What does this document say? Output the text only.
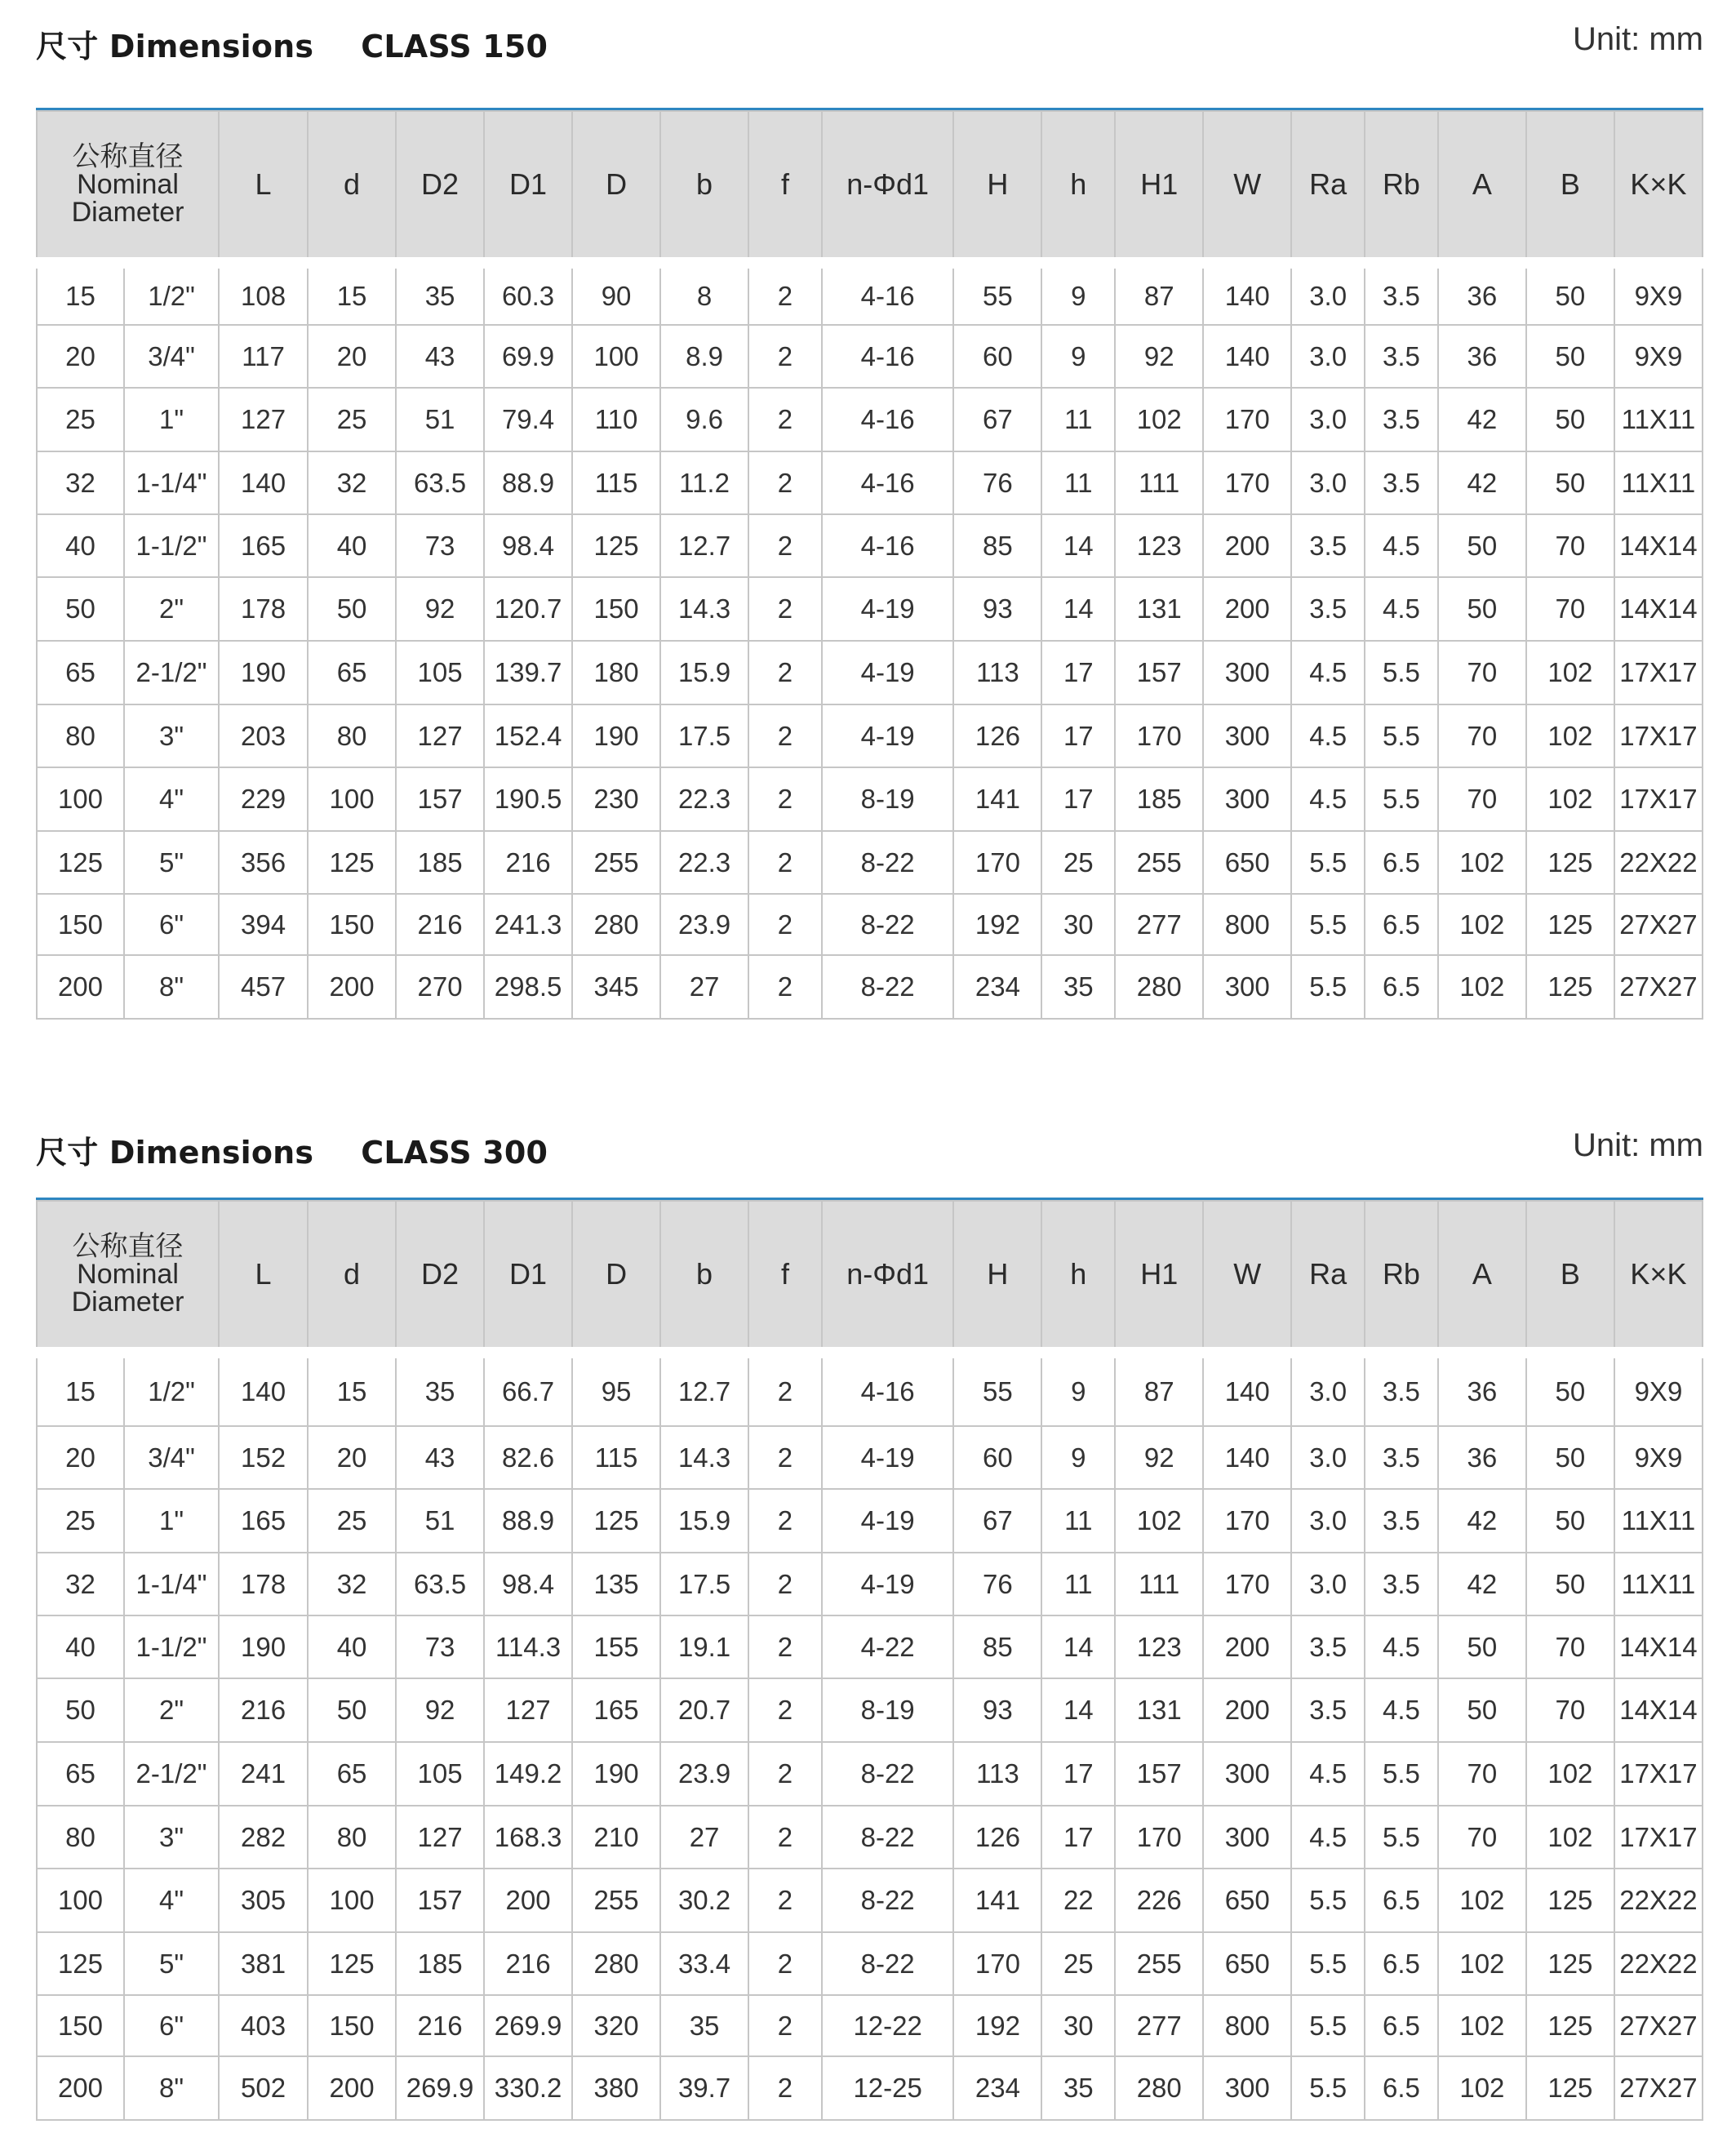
尺寸 Dimensions CLASS 150	Unit: mm
公称直径
Nominal
Diameter		L	d	D2	D1	D	b	f	n-Φd1	H	h	H1	W	Ra	Rb	A	B	K×K
15	1/2"	108	15	35	60.3	90	8	2	4-16	55	9	87	140	3.0	3.5	36	50	9X9
20	3/4"	117	20	43	69.9	100	8.9	2	4-16	60	9	92	140	3.0	3.5	36	50	9X9
25	1"	127	25	51	79.4	110	9.6	2	4-16	67	11	102	170	3.0	3.5	42	50	11X11
32	1-1/4"	140	32	63.5	88.9	115	11.2	2	4-16	76	11	111	170	3.0	3.5	42	50	11X11
40	1-1/2"	165	40	73	98.4	125	12.7	2	4-16	85	14	123	200	3.5	4.5	50	70	14X14
50	2"	178	50	92	120.7	150	14.3	2	4-19	93	14	131	200	3.5	4.5	50	70	14X14
65	2-1/2"	190	65	105	139.7	180	15.9	2	4-19	113	17	157	300	4.5	5.5	70	102	17X17
80	3"	203	80	127	152.4	190	17.5	2	4-19	126	17	170	300	4.5	5.5	70	102	17X17
100	4"	229	100	157	190.5	230	22.3	2	8-19	141	17	185	300	4.5	5.5	70	102	17X17
125	5"	356	125	185	216	255	22.3	2	8-22	170	25	255	650	5.5	6.5	102	125	22X22
150	6"	394	150	216	241.3	280	23.9	2	8-22	192	30	277	800	5.5	6.5	102	125	27X27
200	8"	457	200	270	298.5	345	27	2	8-22	234	35	280	300	5.5	6.5	102	125	27X27
尺寸 Dimensions CLASS 300	Unit: mm
公称直径
Nominal
Diameter		L	d	D2	D1	D	b	f	n-Φd1	H	h	H1	W	Ra	Rb	A	B	K×K
15	1/2"	140	15	35	66.7	95	12.7	2	4-16	55	9	87	140	3.0	3.5	36	50	9X9
20	3/4"	152	20	43	82.6	115	14.3	2	4-19	60	9	92	140	3.0	3.5	36	50	9X9
25	1"	165	25	51	88.9	125	15.9	2	4-19	67	11	102	170	3.0	3.5	42	50	11X11
32	1-1/4"	178	32	63.5	98.4	135	17.5	2	4-19	76	11	111	170	3.0	3.5	42	50	11X11
40	1-1/2"	190	40	73	114.3	155	19.1	2	4-22	85	14	123	200	3.5	4.5	50	70	14X14
50	2"	216	50	92	127	165	20.7	2	8-19	93	14	131	200	3.5	4.5	50	70	14X14
65	2-1/2"	241	65	105	149.2	190	23.9	2	8-22	113	17	157	300	4.5	5.5	70	102	17X17
80	3"	282	80	127	168.3	210	27	2	8-22	126	17	170	300	4.5	5.5	70	102	17X17
100	4"	305	100	157	200	255	30.2	2	8-22	141	22	226	650	5.5	6.5	102	125	22X22
125	5"	381	125	185	216	280	33.4	2	8-22	170	25	255	650	5.5	6.5	102	125	22X22
150	6"	403	150	216	269.9	320	35	2	12-22	192	30	277	800	5.5	6.5	102	125	27X27
200	8"	502	200	269.9	330.2	380	39.7	2	12-25	234	35	280	300	5.5	6.5	102	125	27X27
